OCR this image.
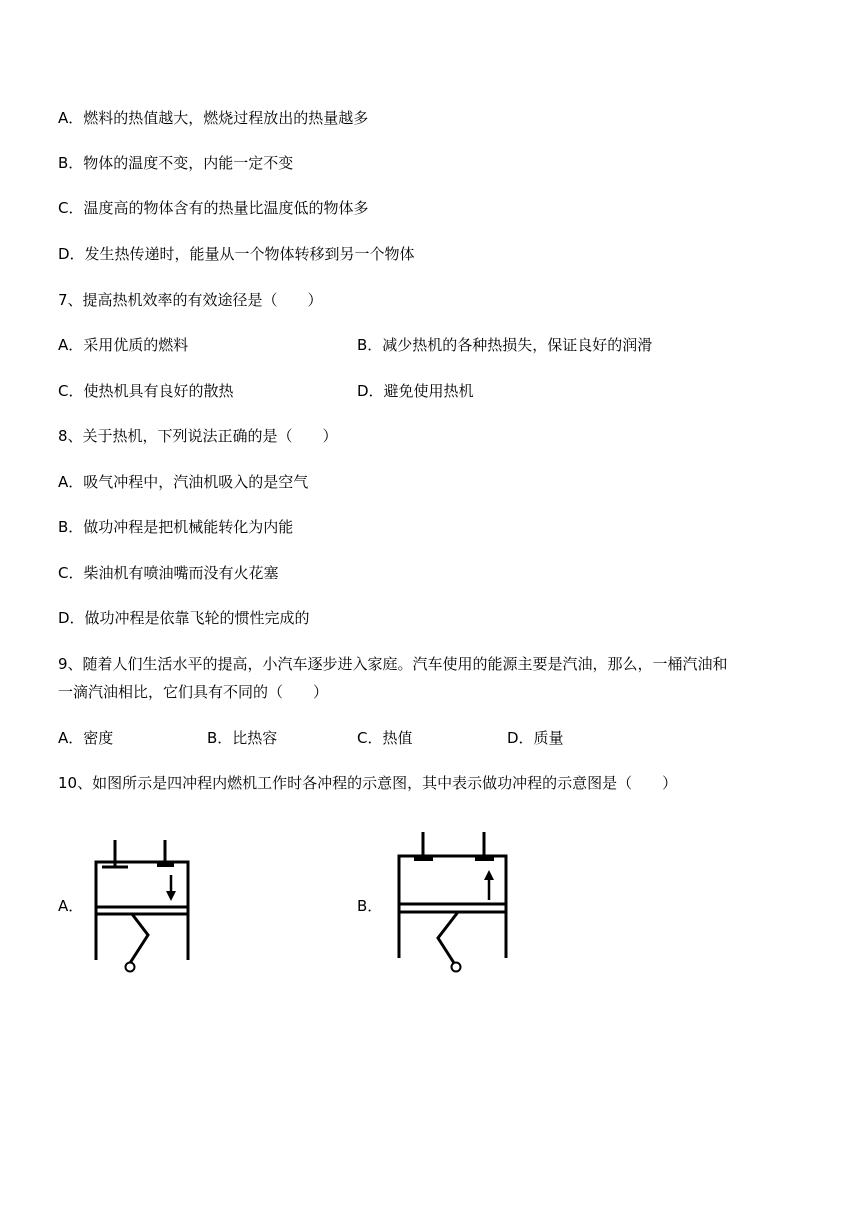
A．燃料的热值越大，燃烧过程放出的热量越多
B．物体的温度不变，内能一定不变
C．温度高的物体含有的热量比温度低的物体多
D．发生热传递时，能量从一个物体转移到另一个物体
7、提高热机效率的有效途径是（　　）
A．采用优质的燃料	B．减少热机的各种热损失，保证良好的润滑
C．使热机具有良好的散热	D．避免使用热机
8、关于热机，下列说法正确的是（　　）
A．吸气冲程中，汽油机吸入的是空气
B．做功冲程是把机械能转化为内能
C．柴油机有喷油嘴而没有火花塞
D．做功冲程是依靠飞轮的惯性完成的
9、随着人们生活水平的提高，小汽车逐步进入家庭。汽车使用的能源主要是汽油，那么，一桶汽油和
一滴汽油相比，它们具有不同的（　　）
A．密度	B．比热容	C．热值	D．质量
10、如图所示是四冲程内燃机工作时各冲程的示意图，其中表示做功冲程的示意图是（　　）
A．	B．
